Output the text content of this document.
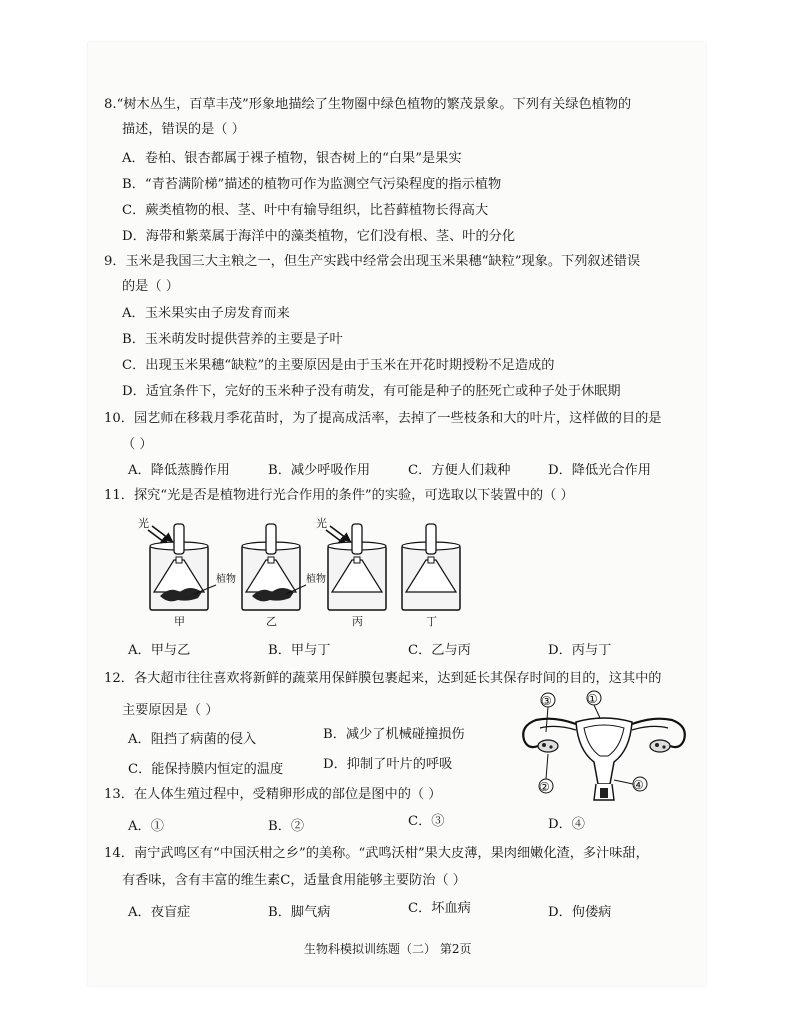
8.“树木丛生，百草丰茂”形象地描绘了生物圈中绿色植物的繁茂景象。下列有关绿色植物的
描述，错误的是（ ）
A．卷柏、银杏都属于裸子植物，银杏树上的“白果”是果实
B．“青苔满阶梯”描述的植物可作为监测空气污染程度的指示植物
C．蕨类植物的根、茎、叶中有输导组织，比苔藓植物长得高大
D．海带和紫菜属于海洋中的藻类植物，它们没有根、茎、叶的分化
9．玉米是我国三大主粮之一，但生产实践中经常会出现玉米果穗“缺粒”现象。下列叙述错误
的是（ ）
A．玉米果实由子房发育而来
B．玉米萌发时提供营养的主要是子叶
C．出现玉米果穗“缺粒”的主要原因是由于玉米在开花时期授粉不足造成的
D．适宜条件下，完好的玉米种子没有萌发，有可能是种子的胚死亡或种子处于休眠期
10．园艺师在移栽月季花苗时，为了提高成活率，去掉了一些枝条和大的叶片，这样做的目的是
（ ）
A．降低蒸腾作用	B．减少呼吸作用	C．方便人们栽种	D．降低光合作用
11．探究“光是否是植物进行光合作用的条件”的实验，可选取以下装置中的（ ）
光
植物
甲
植物
乙
光
丙	丁
A．甲与乙	B．甲与丁	C．乙与丙	D．丙与丁
12．各大超市往往喜欢将新鲜的蔬菜用保鲜膜包裹起来，达到延长其保存时间的目的，这其中的
主要原因是（ ）
A．阻挡了病菌的侵入	B．减少了机械碰撞损伤
C．能保持膜内恒定的温度	D．抑制了叶片的呼吸
③	①
②	④
13．在人体生殖过程中，受精卵形成的部位是图中的（ ）
A．①	B．②	C．③	D．④
14．南宁武鸣区有“中国沃柑之乡”的美称。“武鸣沃柑”果大皮薄，果肉细嫩化渣，多汁味甜，
有香味，含有丰富的维生素C，适量食用能够主要防治（ ）
A．夜盲症	B．脚气病	C．坏血病	D．佝偻病
生物科模拟训练题（二） 第2页
